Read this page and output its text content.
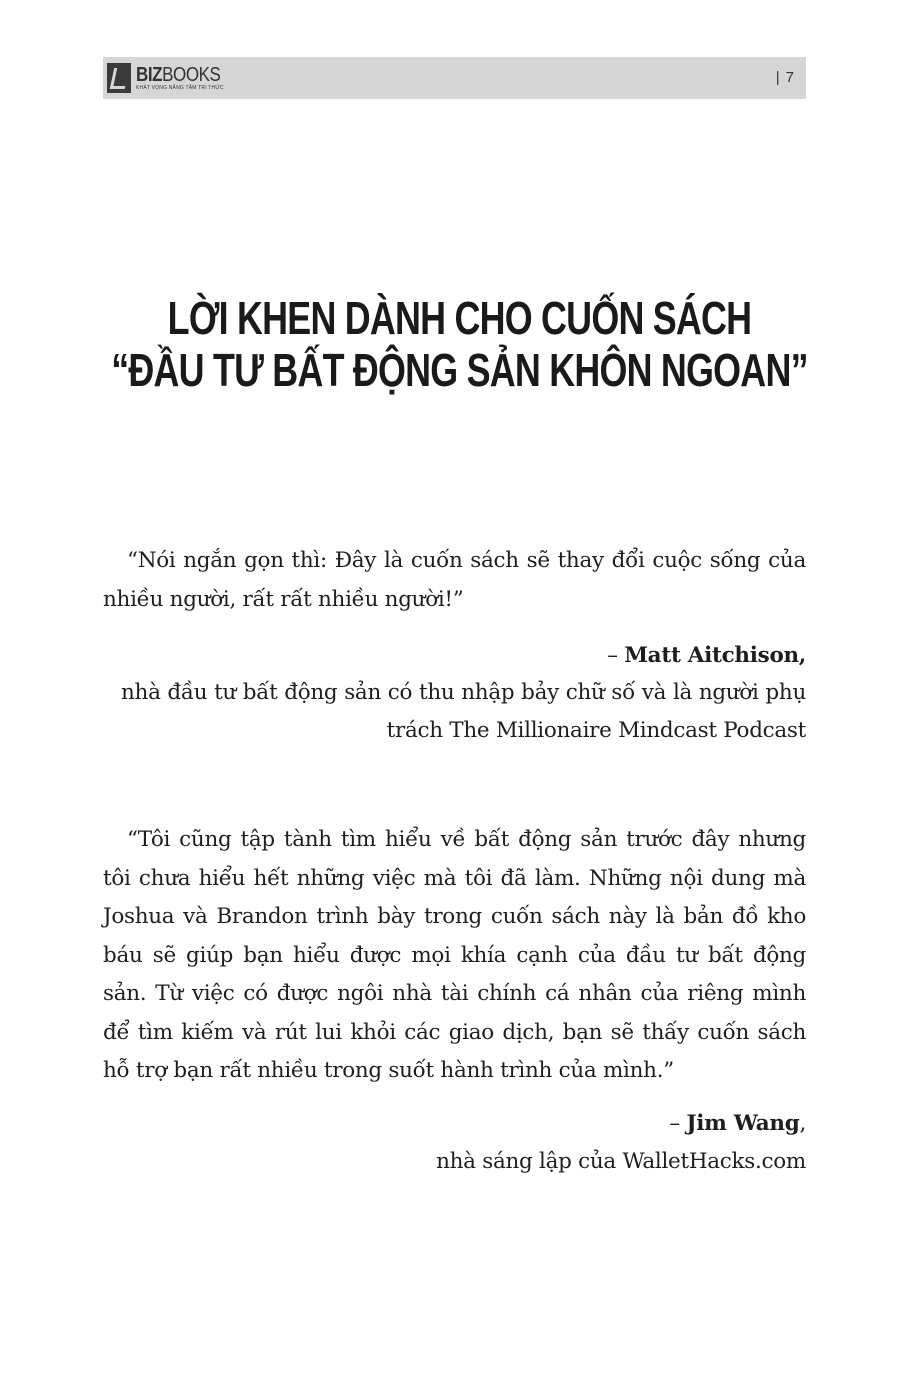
BIZBOOKS
KHÁT VỌNG NÂNG TẦM TRI THỨC
| 7
LỜI KHEN DÀNH CHO CUỐN SÁCH
“ĐẦU TƯ BẤT ĐỘNG SẢN KHÔN NGOAN”

“Nói ngắn gọn thì: Đây là cuốn sách sẽ thay đổi cuộc sống của nhiều người, rất rất nhiều người!”

– Matt Aitchison,

nhà đầu tư bất động sản có thu nhập bảy chữ số và là người phụ trách The Millionaire Mindcast Podcast

“Tôi cũng tập tành tìm hiểu về bất động sản trước đây nhưng tôi chưa hiểu hết những việc mà tôi đã làm. Những nội dung mà Joshua và Brandon trình bày trong cuốn sách này là bản đồ kho báu sẽ giúp bạn hiểu được mọi khía cạnh của đầu tư bất động sản. Từ việc có được ngôi nhà tài chính cá nhân của riêng mình để tìm kiếm và rút lui khỏi các giao dịch, bạn sẽ thấy cuốn sách hỗ trợ bạn rất nhiều trong suốt hành trình của mình.”

– Jim Wang,

nhà sáng lập của WalletHacks.com
